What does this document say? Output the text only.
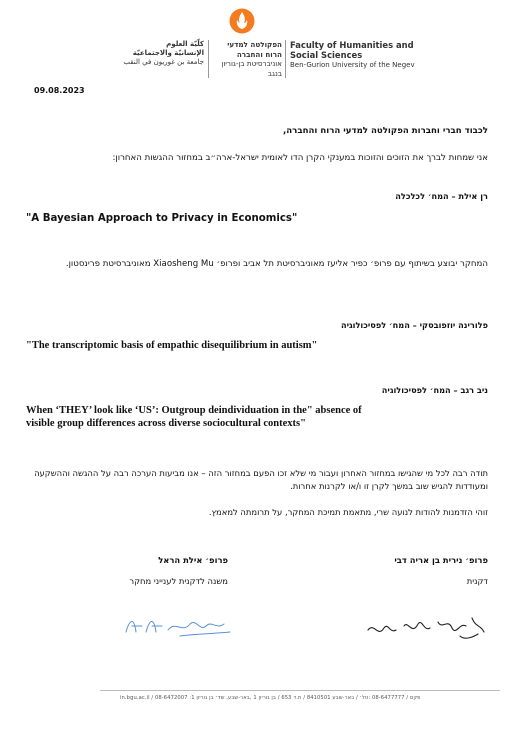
كلّيّة العلوم
الإنسانيّة والاجتماعيّة
جامعة بن غوريون في النقب
הפקולטה למדעי
הרוח והחברה
אוניברסיטת בן-גוריון בנגב
Faculty of Humanities and
Social Sciences
Ben-Gurion University of the Negev
09.08.2023
לכבוד חברי וחברות הפקולטה למדעי הרוח והחברה,
אני שמחות לברך את הזוכים והזוכות במענקי הקרן הדו לאומית ישראל-ארה״ב במחזור ההגשות האחרון:
רן אילת – המח׳ לכלכלה
"A Bayesian Approach to Privacy in Economics"
המחקר יבוצע בשיתוף עם פרופ׳ כפיר אליעז מאוניברסיטת תל אביב ופרופ׳ Xiaosheng Mu מאוניברסיטת פרינסטון.
פלורינה יוזפובסקי – המח׳ לפסיכולוגיה
"The transcriptomic basis of empathic disequilibrium in autism"
ניב רגב – המח׳ לפסיכולוגיה
When ‘THEY’ look like ‘US’: Outgroup deindividuation in the" absence of
visible group differences across diverse sociocultural contexts"
תודה רבה לכל מי שהגישו במחזור האחרון ועבור מי שלא זכו הפעם במחזור הזה – אנו מביעות הערכה רבה על ההגשה וההשקעה ומעודדות להגיש שוב במשך לקרן זו ו/או לקרנות אחרות.
זוהי הזדמנות להודות לנועה שרי, מתאמת תמיכת המחקר, על תרומתה למאמץ.
פרופ׳ נירית בן אריה דבי
דקנית
פרופ׳ אילת הראל
משנה לדקנית לענייני מחקר
in.bgu.ac.il / 08-6472007 :פקס / 08-6477777 :טל׳ / באר-שבע 8410501 / ת.ד 653 / בן גוריון 1 ,באר-שבע, שד׳ בן גוריון 1
